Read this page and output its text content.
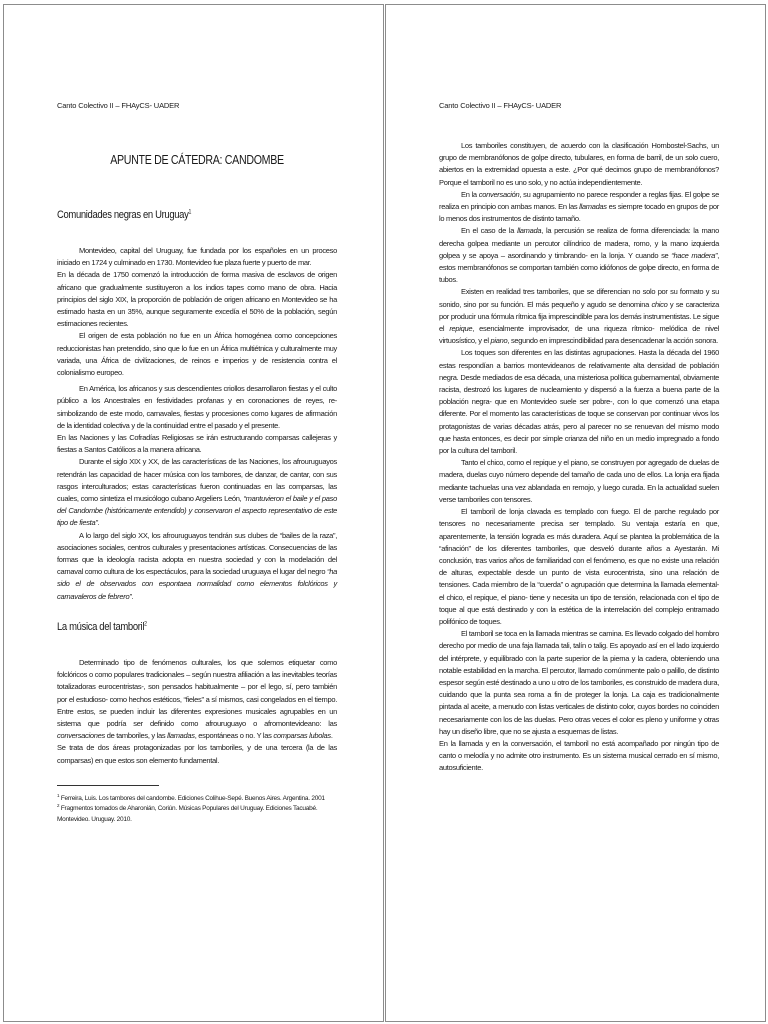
Canto Colectivo II – FHAyCS- UADER

APUNTE DE CÁTEDRA: CANDOMBE
Comunidades negras en Uruguay$^1$

Montevideo, capital del Uruguay, fue fundada por los españoles en un proceso iniciado en 1724 y culminado en 1730. Montevideo fue plaza fuerte y puerto de mar.

En la década de 1750 comenzó la introducción de forma masiva de esclavos de origen africano que gradualmente sustituyeron a los indios tapes como mano de obra. Hacia principios del siglo XIX, la proporción de población de origen africano en Montevideo se ha estimado hasta en un 35%, aunque seguramente excedía el 50% de la población, según estimaciones recientes.

El origen de esta población no fue en un África homogénea como concepciones reduccionistas han pretendido, sino que lo fue en un África multiétnica y culturalmente muy variada, una África de civilizaciones, de reinos e imperios y de resistencia contra el colonialismo europeo.

En América, los africanos y sus descendientes criollos desarrollaron fiestas y el culto público a los Ancestrales en festividades profanas y en coronaciones de reyes, re-simbolizando de este modo, carnavales, fiestas y procesiones como lugares de afirmación de la identidad colectiva y de la continuidad entre el pasado y el presente.

En las Naciones y las Cofradías Religiosas se irán estructurando comparsas callejeras y fiestas a Santos Católicos a la manera africana.

Durante el siglo XIX y XX, de las características de las Naciones, los afrouruguayos retendrán las capacidad de hacer música con los tambores, de danzar, de cantar, con sus rasgos interculturados; estas características fueron continuadas en las comparsas, las cuales, como sintetiza el musicólogo cubano Argeliers León, “mantuvieron el baile y el paso del Candombe (históricamente entendido) y conservaron el aspecto representativo de este tipo de fiesta”.

A lo largo del siglo XX, los afrouruguayos tendrán sus clubes de “bailes de la raza”, asociaciones sociales, centros culturales y presentaciones artísticas. Consecuencias de las formas que la ideología racista adopta en nuestra sociedad y con la modelación del carnaval como cultura de los espectáculos, para la sociedad uruguaya el lugar del negro “ha sido el de observados con espontaea normalidad como elementos folclóricos y carnavaleros de febrero”.

La música del tamboril$^2$

Determinado tipo de fenómenos culturales, los que solemos etiquetar como folclóricos o como populares tradicionales – según nuestra afiliación a las inevitables teorías totalizadoras eurocentristas-, son pensados habitualmente – por el lego, sí, pero también por el estudioso- como hechos estéticos, “fieles” a sí mismos, casi congelados en el tiempo. Entre estos, se pueden incluir las diferentes expresiones musicales agrupables en un sistema que podría ser definido como afrouruguayo o afromontevideano: las conversaciones de tamboriles, y las llamadas, espontáneas o no. Y las comparsas lubolas.

Se trata de dos áreas protagonizadas por los tamboriles, y de una tercera (la de las comparsas) en que estos son elemento fundamental.

$^1$ Ferreira, Luis. Los tambores del candombe. Ediciones Colihue-Sepé. Buenos Aires. Argentina. 2001

$^2$ Fragmentos tomados de Aharonián, Coriún. Músicas Populares del Uruguay. Ediciones Tacuabé. Montevideo. Uruguay. 2010.

Canto Colectivo II – FHAyCS- UADER

Los tamboriles constituyen, de acuerdo con la clasificación Hornbostel-Sachs, un grupo de membranófonos de golpe directo, tubulares, en forma de barril, de un solo cuero, abiertos en la extremidad opuesta a este. ¿Por qué decimos grupo de membranófonos? Porque el tamboril no es uno solo, y no actúa independientemente.

En la conversación, su agrupamiento no parece responder a reglas fijas. El golpe se realiza en principio con ambas manos. En las llamadas es siempre tocado en grupos de por lo menos dos instrumentos de distinto tamaño.

En el caso de la llamada, la percusión se realiza de forma diferenciada: la mano derecha golpea mediante un percutor cilíndrico de madera, romo, y la mano izquierda golpea y se apoya – asordinando y timbrando- en la lonja. Y cuando se “hace madera”, estos membranófonos se comportan también como idiófonos de golpe directo, en forma de tubos.

Existen en realidad tres tamboriles, que se diferencian no solo por su formato y su sonido, sino por su función. El más pequeño y agudo se denomina chico y se caracteriza por producir una fórmula rítmica fija imprescindible para los demás instrumentistas. Le sigue el repique, esencialmente improvisador, de una riqueza rítmico- melódica de nivel virtuosístico, y el piano, segundo en imprescindibilidad para desencadenar la acción sonora.

Los toques son diferentes en las distintas agrupaciones. Hasta la década del 1960 estas respondían a barrios montevideanos de relativamente alta densidad de población negra. Desde mediados de esa década, una misteriosa política gubernamental, obviamente racista, destrozó los lugares de nucleamiento y dispersó a la fuerza a buena parte de la población negra- que en Montevideo suele ser pobre-, con lo que comenzó una etapa diferente. Por el momento las características de toque se conservan por continuar vivos los protagonistas de varias décadas atrás, pero al parecer no se renuevan del mismo modo que hasta entonces, es decir por simple crianza del niño en un medio impregnado a fondo por la cultura del tamboril.

Tanto el chico, como el repique y el piano, se construyen por agregado de duelas de madera, duelas cuyo número depende del tamaño de cada uno de ellos. La lonja era fijada mediante tachuelas una vez ablandada en remojo, y luego curada. En la actualidad suelen verse tamboriles con tensores.

El tamboril de lonja clavada es templado con fuego. El de parche regulado por tensores no necesariamente precisa ser templado. Su ventaja estaría en que, aparentemente, la tensión lograda es más duradera. Aquí se plantea la problemática de la “afinación” de los diferentes tamboriles, que desveló durante años a Ayestarán. Mi conclusión, tras varios años de familiaridad con el fenómeno, es que no existe una relación de alturas, expectable desde un punto de vista eurocentrista, sino una relación de tensiones. Cada miembro de la “cuerda” o agrupación que determina la llamada elemental- el chico, el repique, el piano- tiene y necesita un tipo de tensión, relacionada con el tipo de toque al que está destinado y con la estética de la interrelación del complejo entramado polifónico de toques.

El tamboril se toca en la llamada mientras se camina. Es llevado colgado del hombro derecho por medio de una faja llamada tali, talín o talig. Es apoyado así en el lado izquierdo del intérprete, y equilibrado con la parte superior de la pierna y la cadera, obteniendo una notable estabilidad en la marcha. El percutor, llamado comúnmente palo o palillo, de distinto espesor según esté destinado a uno u otro de los tamboriles, es construido de madera dura, cuidando que la punta sea roma a fin de proteger la lonja. La caja es tradicionalmente pintada al aceite, a menudo con listas verticales de distinto color, cuyos bordes no coinciden necesariamente con los de las duelas. Pero otras veces el color es pleno y uniforme y otras hay un diseño libre, que no se ajusta a esquemas de listas.

En la llamada y en la conversación, el tamboril no está acompañado por ningún tipo de canto o melodía y no admite otro instrumento. Es un sistema musical cerrado en sí mismo, autosuficiente.
